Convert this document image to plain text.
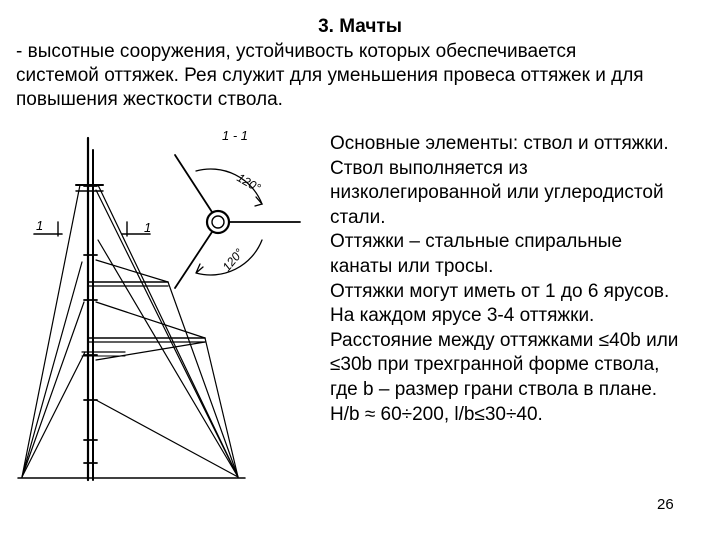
3. Мачты

- высотные сооружения, устойчивость которых обеспечивается

системой оттяжек. Рея служит для уменьшения провеса оттяжек и для

повышения жесткости ствола.

1 - 1
120°
120°
1	1

Основные элементы: ствол и оттяжки.

Ствол выполняется из

низколегированной или углеродистой

стали.

Оттяжки – стальные спиральные

канаты или тросы.

Оттяжки могут иметь от 1 до 6 ярусов.

На каждом ярусе 3-4 оттяжки.

Расстояние между оттяжками ≤40b или

≤30b при трехгранной форме ствола,

где b – размер грани ствола в плане.

H/b ≈ 60÷200, l/b≤30÷40.

26
